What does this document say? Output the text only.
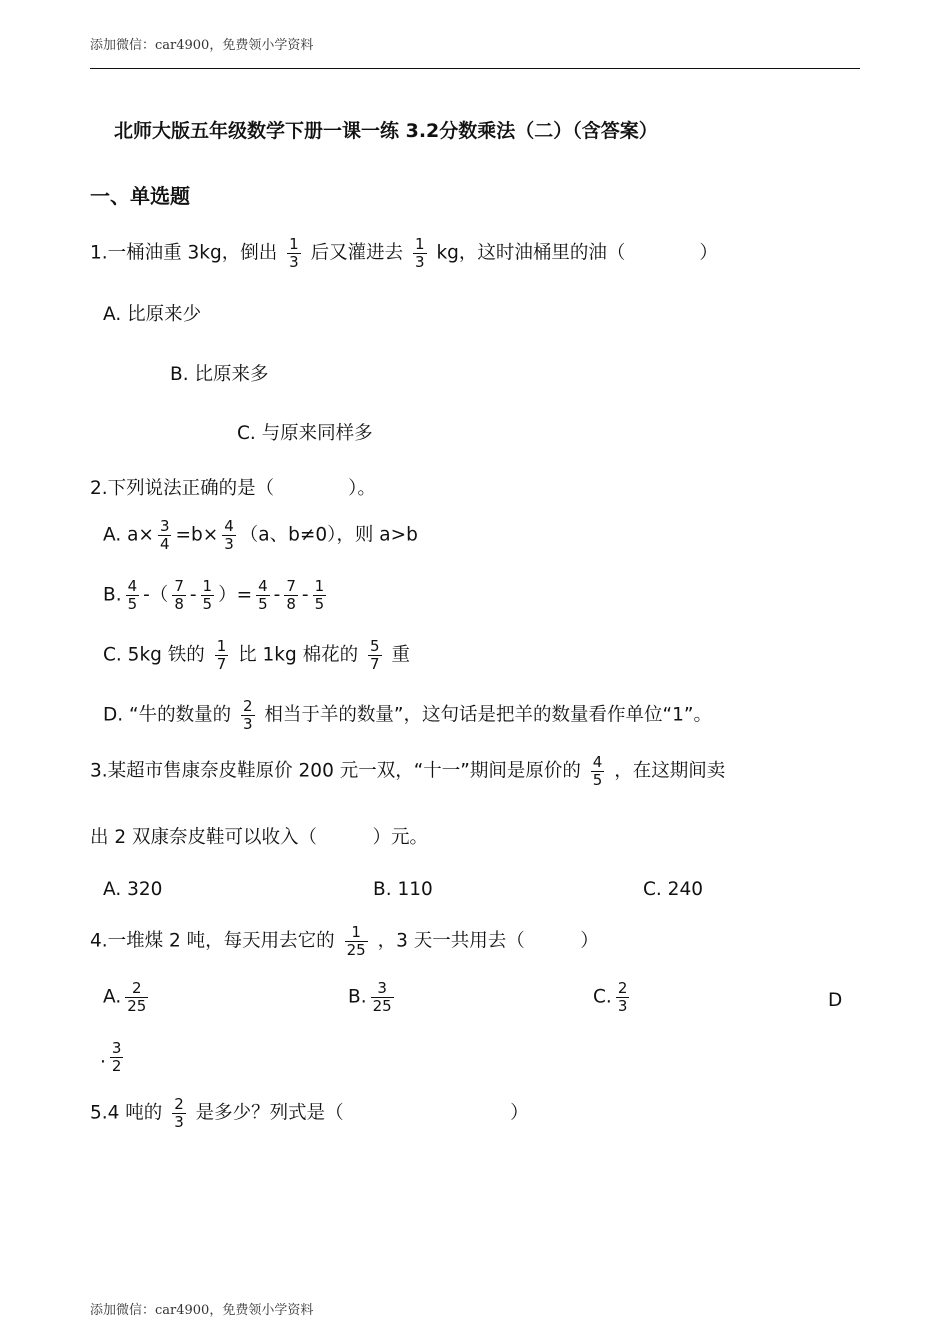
添加微信：car4900，免费领小学资料
北师大版五年级数学下册一课一练 3.2分数乘法（二）（含答案）
一、单选题
1.一桶油重 3kg，倒出 $\frac{1}{3}$ 后又灌进去 $\frac{1}{3}$ kg，这时油桶里的油（　　　　）
A. 比原来少
B. 比原来多
C. 与原来同样多
2.下列说法正确的是（　　　　）。
A. $a\times \frac{3}{4} =b\times \frac{4}{3} (a$、b≠0），则 a>b
B. $\frac{4}{5}$ -（ $\frac{7}{8} - \frac{1}{5}$ ）= $\frac{4}{5} - \frac{7}{8} - \frac{1}{5}$
C. 5kg 铁的 $\frac{1}{7}$ 比 1kg 棉花的 $\frac{5}{7}$ 重
D. “牛的数量的 $\frac{2}{3}$ 相当于羊的数量”，这句话是把羊的数量看作单位“1”。
3.某超市售康奈皮鞋原价 200 元一双，“十一”期间是原价的 $\frac{4}{5}$ ，在这期间卖
出 2 双康奈皮鞋可以收入（　　　）元。
A. 320	B. 110	C. 240
4.一堆煤 2 吨，每天用去它的 $\frac{1}{25}$ ，3 天一共用去（　　　）
A. $\frac{2}{25}$	B. $\frac{3}{25}$	C. $\frac{2}{3}$	D
. $\frac{3}{2}$
5.4 吨的 $\frac{2}{3}$ 是多少？列式是（　　　　　　　　　）
添加微信：car4900，免费领小学资料
